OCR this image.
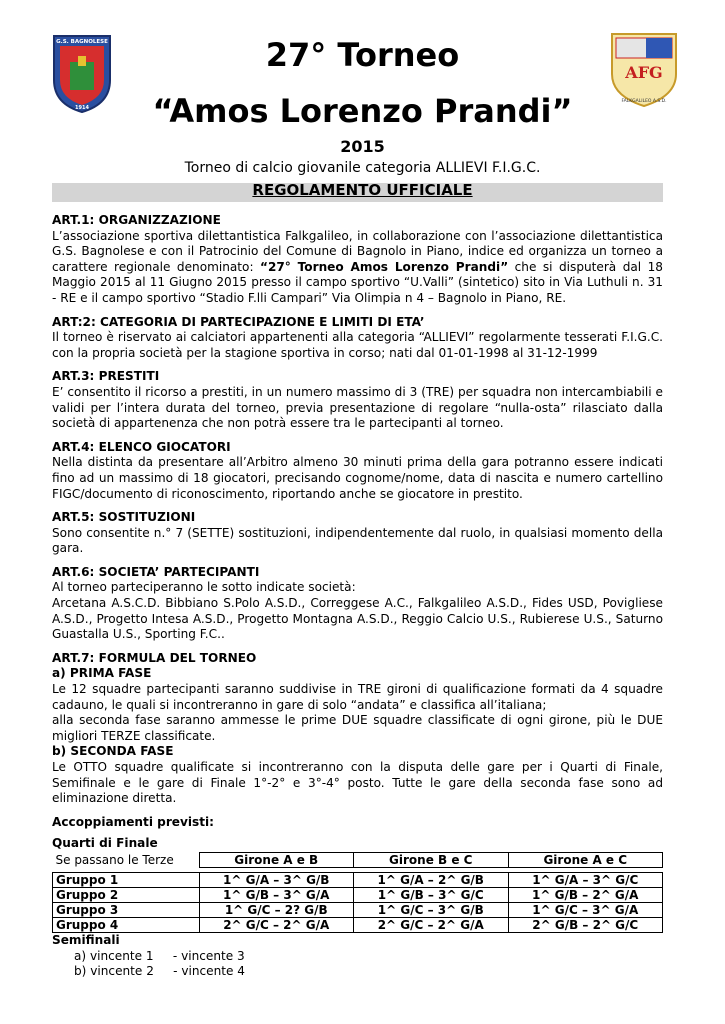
G.S. BAGNOLESE
1914
AFG
FALKGALILEO A.S.D.
27° Torneo
“Amos Lorenzo Prandi”
2015
Torneo di calcio giovanile categoria ALLIEVI F.I.G.C.
REGOLAMENTO UFFICIALE
ART.1: ORGANIZZAZIONE

L’associazione sportiva dilettantistica Falkgalileo, in collaborazione con l’associazione dilettantistica G.S. Bagnolese e con il Patrocinio del Comune di Bagnolo in Piano, indice ed organizza un torneo a carattere regionale denominato: “27° Torneo Amos Lorenzo Prandi” che si disputerà dal 18 Maggio 2015 al 11 Giugno 2015 presso il campo sportivo “U.Valli” (sintetico) sito in Via Luthuli n. 31 - RE e il campo sportivo “Stadio F.lli Campari” Via Olimpia n 4 – Bagnolo in Piano, RE.

ART:2: CATEGORIA DI PARTECIPAZIONE E LIMITI DI ETA’

Il torneo è riservato ai calciatori appartenenti alla categoria “ALLIEVI” regolarmente tesserati F.I.G.C. con la propria società per la stagione sportiva in corso; nati dal 01-01-1998 al 31-12-1999

ART.3: PRESTITI

E’ consentito il ricorso a prestiti, in un numero massimo di 3 (TRE) per squadra non intercambiabili e validi per l’intera durata del torneo, previa presentazione di regolare “nulla-osta” rilasciato dalla società di appartenenza che non potrà essere tra le partecipanti al torneo.

ART.4: ELENCO GIOCATORI

Nella distinta da presentare all’Arbitro almeno 30 minuti prima della gara potranno essere indicati fino ad un massimo di 18 giocatori, precisando cognome/nome, data di nascita e numero cartellino FIGC/documento di riconoscimento, riportando anche se giocatore in prestito.

ART.5: SOSTITUZIONI

Sono consentite n.° 7 (SETTE) sostituzioni, indipendentemente dal ruolo, in qualsiasi momento della gara.

ART.6: SOCIETA’ PARTECIPANTI

Al torneo parteciperanno le sotto indicate società:

Arcetana A.S.C.D. Bibbiano S.Polo A.S.D., Correggese A.C., Falkgalileo A.S.D., Fides USD, Povigliese A.S.D., Progetto Intesa A.S.D., Progetto Montagna A.S.D., Reggio Calcio U.S., Rubierese U.S., Saturno Guastalla U.S., Sporting F.C..

ART.7: FORMULA DEL TORNEO
a) PRIMA FASE

Le 12 squadre partecipanti saranno suddivise in TRE gironi di qualificazione formati da 4 squadre cadauno, le quali si incontreranno in gare di solo “andata” e classifica all’italiana;

alla seconda fase saranno ammesse le prime DUE squadre classificate di ogni girone, più le DUE migliori TERZE classificate.

b) SECONDA FASE

Le OTTO squadre qualificate si incontreranno con la disputa delle gare per i Quarti di Finale, Semifinale e le gare di Finale 1°-2° e 3°-4° posto. Tutte le gare della seconda fase sono ad eliminazione diretta.

Accoppiamenti previsti:
Quarti di Finale
Se passano le Terze	Girone A e B	Girone B e C	Girone A e C

Gruppo 1	1^ G/A – 3^ G/B	1^ G/A – 2^ G/B	1^ G/A – 3^ G/C
Gruppo 2	1^ G/B – 3^ G/A	1^ G/B – 3^ G/C	1^ G/B – 2^ G/A
Gruppo 3	1^ G/C – 2? G/B	1^ G/C – 3^ G/B	1^ G/C – 3^ G/A
Gruppo 4	2^ G/C – 2^ G/A	2^ G/C – 2^ G/A	2^ G/B – 2^ G/C
Semifinali
a) vincente 1 - vincente 3
b) vincente 2 - vincente 4
